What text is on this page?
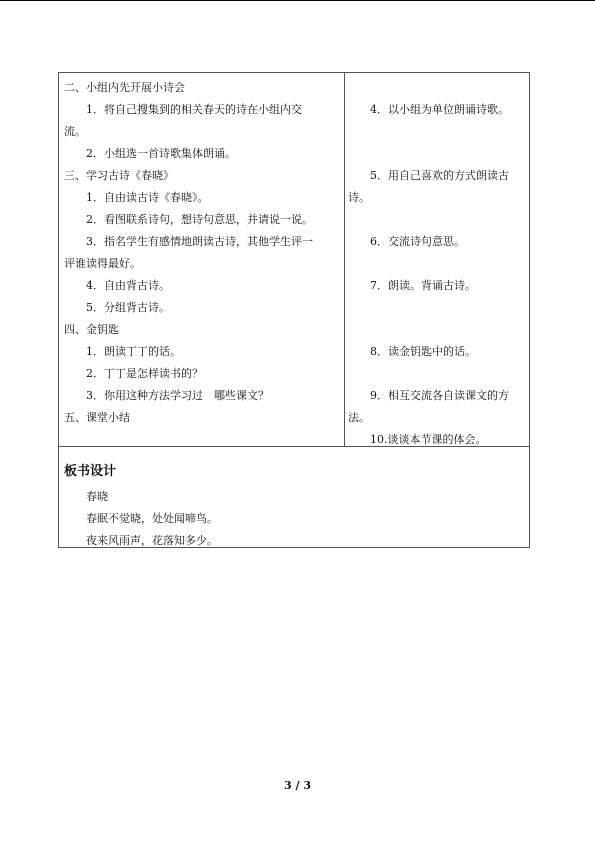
二、小组内先开展小诗会
　　1．将自己搜集到的相关春天的诗在小组内交
流。
　　2．小组选一首诗歌集体朗诵。
三、学习古诗《春晓》
　　1．自由读古诗《春晓》。
　　2．看图联系诗句，想诗句意思，并请说一说。
　　3．指名学生有感情地朗读古诗，其他学生评一
评谁读得最好。
　　4．自由背古诗。
　　5．分组背古诗。
四、金钥匙
　　1．朗读丁丁的话。
　　2．丁丁是怎样读书的？
　　3．你用这种方法学习过　哪些课文？
五、课堂小结
　　4．以小组为单位朗诵诗歌。
　　5．用自己喜欢的方式朗读古
诗。
　　6．交流诗句意思。
　　7．朗读。背诵古诗。
　　8．读金钥匙中的话。
　　9．相互交流各自读课文的方
法。
　　10.谈谈本节课的体会。
板书设计
　　春晓
　　春眠不觉晓，处处闻啼鸟。
　　夜来风雨声，花落知多少。
3 / 3
